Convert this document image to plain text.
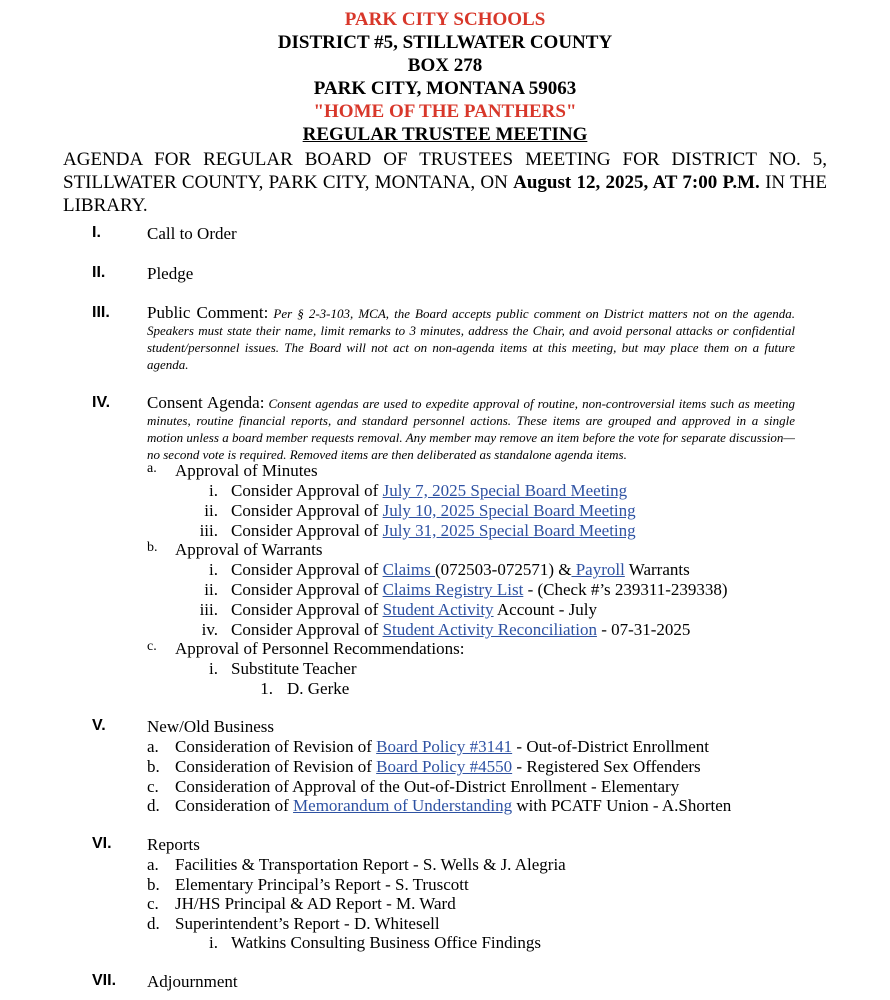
PARK CITY SCHOOLS
DISTRICT #5, STILLWATER COUNTY
BOX 278
PARK CITY, MONTANA 59063
"HOME OF THE PANTHERS"
REGULAR TRUSTEE MEETING
AGENDA FOR REGULAR BOARD OF TRUSTEES MEETING FOR DISTRICT NO. 5, STILLWATER COUNTY, PARK CITY, MONTANA, ON August 12, 2025, AT 7:00 P.M. IN THE LIBRARY.
I.	Call to Order
II. Pledge
III. Public Comment: Per § 2-3-103, MCA, the Board accepts public comment on District matters not on the agenda. Speakers must state their name, limit remarks to 3 minutes, address the Chair, and avoid personal attacks or confidential student/personnel issues. The Board will not act on non-agenda items at this meeting, but may place them on a future agenda.
IV. Consent Agenda: Consent agendas are used to expedite approval of routine, non-controversial items such as meeting minutes, routine financial reports, and standard personnel actions. These items are grouped and approved in a single motion unless a board member requests removal. Any member may remove an item before the vote for separate discussion—no second vote is required. Removed items are then deliberated as standalone agenda items.
a. Approval of Minutes
i. Consider Approval of July 7, 2025 Special Board Meeting
ii. Consider Approval of July 10, 2025 Special Board Meeting
iii. Consider Approval of July 31, 2025 Special Board Meeting
b. Approval of Warrants
i. Consider Approval of Claims (072503-072571) & Payroll Warrants
ii. Consider Approval of Claims Registry List - (Check #’s 239311-239338)
iii. Consider Approval of Student Activity Account - July
iv. Consider Approval of Student Activity Reconciliation - 07-31-2025
c. Approval of Personnel Recommendations:
i. Substitute Teacher
1. D. Gerke
V. New/Old Business
a. Consideration of Revision of Board Policy #3141 - Out-of-District Enrollment
b. Consideration of Revision of Board Policy #4550 - Registered Sex Offenders
c. Consideration of Approval of the Out-of-District Enrollment - Elementary
d. Consideration of Memorandum of Understanding with PCATF Union - A.Shorten
VI. Reports
a. Facilities & Transportation Report - S. Wells & J. Alegria
b. Elementary Principal’s Report - S. Truscott
c. JH/HS Principal & AD Report - M. Ward
d. Superintendent’s Report - D. Whitesell
i. Watkins Consulting Business Office Findings
VII. Adjournment
